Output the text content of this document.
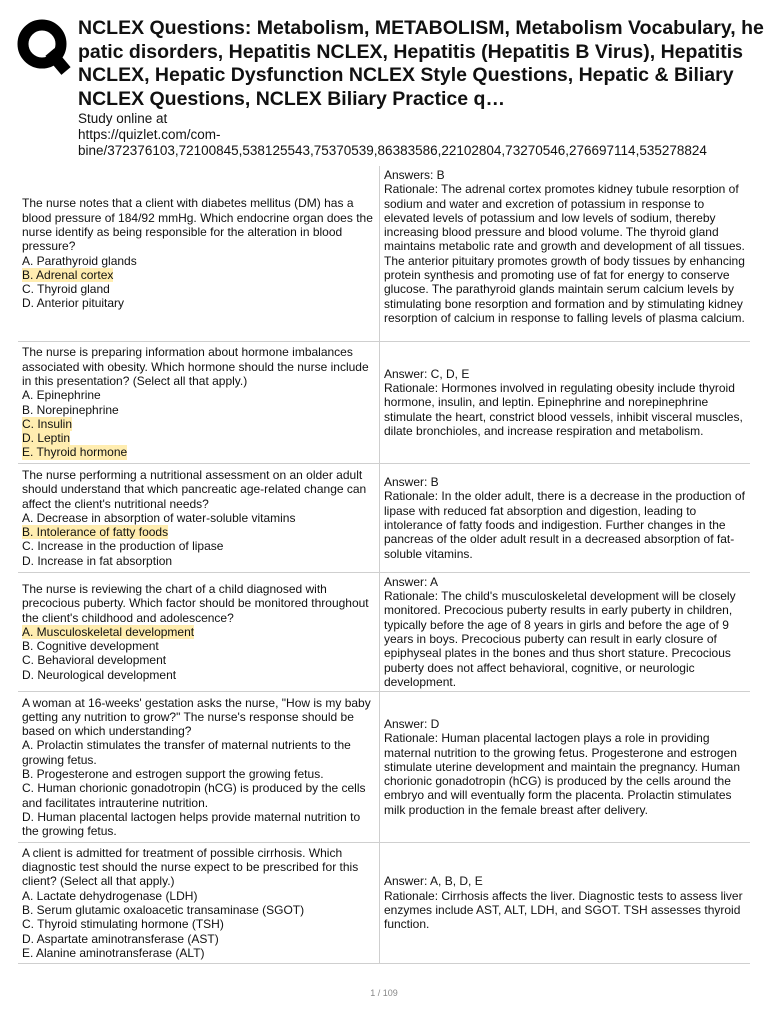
NCLEX Questions: Metabolism, METABOLISM, Metabolism Vocabulary, he
patic disorders, Hepatitis NCLEX, Hepatitis (Hepatitis B Virus), Hepatitis
NCLEX, Hepatic Dysfunction NCLEX Style Questions, Hepatic & Biliary
NCLEX Questions, NCLEX Biliary Practice q…
Study online at
https://quizlet.com/com-
bine/372376103,72100845,538125543,75370539,86383586,22102804,73270546,276697114,535278824
The nurse notes that a client with diabetes mellitus (DM) has a blood pressure of 184/92 mmHg. Which endocrine organ does the nurse identify as being responsible for the alteration in blood pressure?
A. Parathyroid glands
B. Adrenal cortex
C. Thyroid gland
D. Anterior pituitary
Answers: B
Rationale: The adrenal cortex promotes kidney tubule resorption of sodium and water and excretion of potassium in response to elevated levels of potassium and low levels of sodium, thereby increasing blood pressure and blood volume. The thyroid gland maintains metabolic rate and growth and development of all tissues. The anterior pituitary promotes growth of body tissues by enhancing protein synthesis and promoting use of fat for energy to conserve glucose. The parathyroid glands maintain serum calcium levels by stimulating bone resorption and formation and by stimulating kidney resorption of calcium in response to falling levels of plasma calcium.
The nurse is preparing information about hormone imbalances associated with obesity. Which hormone should the nurse include in this presentation? (Select all that apply.)
A. Epinephrine
B. Norepinephrine
C. Insulin
D. Leptin
E. Thyroid hormone
Answer: C, D, E
Rationale: Hormones involved in regulating obesity include thyroid hormone, insulin, and leptin. Epinephrine and norepinephrine stimulate the heart, constrict blood vessels, inhibit visceral muscles, dilate bronchioles, and increase respiration and metabolism.
The nurse performing a nutritional assessment on an older adult should understand that which pancreatic age-related change can affect the client's nutritional needs?
A. Decrease in absorption of water-soluble vitamins
B. Intolerance of fatty foods
C. Increase in the production of lipase
D. Increase in fat absorption
Answer: B
Rationale: In the older adult, there is a decrease in the production of lipase with reduced fat absorption and digestion, leading to intolerance of fatty foods and indigestion. Further changes in the pancreas of the older adult result in a decreased absorption of fat-soluble vitamins.
The nurse is reviewing the chart of a child diagnosed with precocious puberty. Which factor should be monitored throughout the client's childhood and adolescence?
A. Musculoskeletal development
B. Cognitive development
C. Behavioral development
D. Neurological development
Answer: A
Rationale: The child's musculoskeletal development will be closely monitored. Precocious puberty results in early puberty in children, typically before the age of 8 years in girls and before the age of 9 years in boys. Precocious puberty can result in early closure of epiphyseal plates in the bones and thus short stature. Precocious puberty does not affect behavioral, cognitive, or neurologic development.
A woman at 16-weeks' gestation asks the nurse, "How is my baby getting any nutrition to grow?" The nurse's response should be based on which understanding?
A. Prolactin stimulates the transfer of maternal nutrients to the growing fetus.
B. Progesterone and estrogen support the growing fetus.
C. Human chorionic gonadotropin (hCG) is produced by the cells and facilitates intrauterine nutrition.
D. Human placental lactogen helps provide maternal nutrition to the growing fetus.
Answer: D
Rationale: Human placental lactogen plays a role in providing maternal nutrition to the growing fetus. Progesterone and estrogen stimulate uterine development and maintain the pregnancy. Human chorionic gonadotropin (hCG) is produced by the cells around the embryo and will eventually form the placenta. Prolactin stimulates milk production in the female breast after delivery.
A client is admitted for treatment of possible cirrhosis. Which diagnostic test should the nurse expect to be prescribed for this client? (Select all that apply.)
A. Lactate dehydrogenase (LDH)
B. Serum glutamic oxaloacetic transaminase (SGOT)
C. Thyroid stimulating hormone (TSH)
D. Aspartate aminotransferase (AST)
E. Alanine aminotransferase (ALT)
Answer: A, B, D, E
Rationale: Cirrhosis affects the liver. Diagnostic tests to assess liver enzymes include AST, ALT, LDH, and SGOT. TSH assesses thyroid function.
1 / 109
